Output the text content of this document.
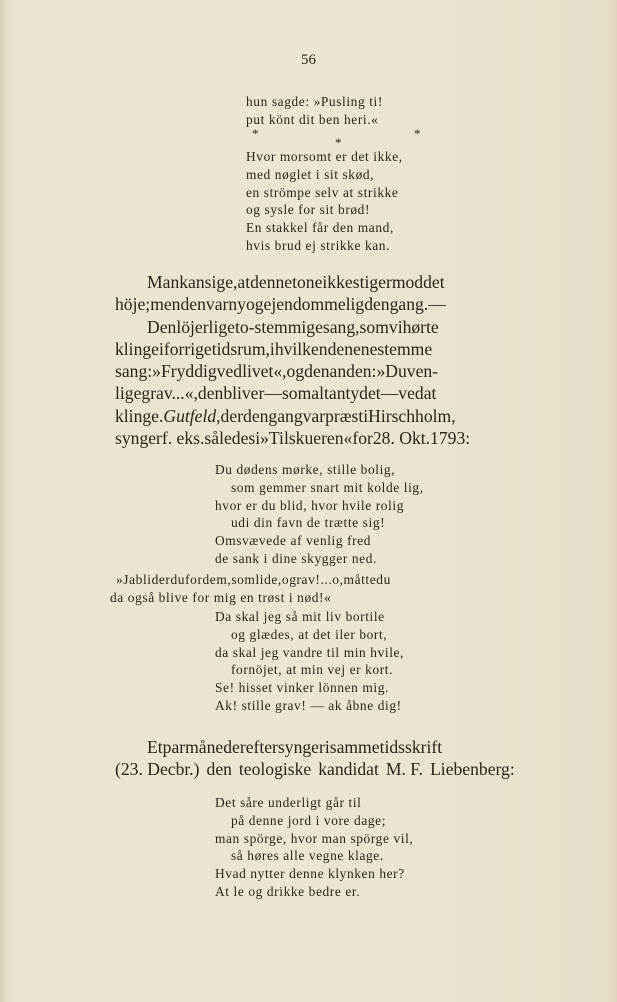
56
hun sagde: »Pusling ti!
put könt dit ben heri.«
*
*
*
Hvor morsomt er det ikke,
med nøglet i sit skød,
en strömpe selv at strikke
og sysle for sit brød!
En stakkel får den mand,
hvis brud ej strikke kan.
Mankansige,atdennetoneikkestigermoddet
höje;mendenvarnyogejendommeligdengang.—
Denlöjerligeto-stemmigesang,somvihørte
klingeiforrigetidsrum,ihvilkendenenestemme
sang:»Fryddigvedlivet«,ogdenanden:»Duven-
ligegrav...«,denbliver—somaltantydet—vedat
klinge.Gutfeld,derdengangvarpræstiHirschholm,
syngerf. eks.såledesi»Tilskueren«for28. Okt.1793:
Du dødens mørke, stille bolig,
som gemmer snart mit kolde lig,
hvor er du blid, hvor hvile rolig
udi din favn de trætte sig!
Omsvævede af venlig fred
de sank i dine skygger ned.
»Jabliderdufordem,somlide,ograv!...o,måttedu
da også blive for mig en trøst i nød!«
Da skal jeg så mit liv bortile
og glædes, at det iler bort,
da skal jeg vandre til min hvile,
fornöjet, at min vej er kort.
Se! hisset vinker lönnen mig.
Ak! stille grav! — ak åbne dig!
Etparmånedereftersyngerisammetidsskrift
(23. Decbr.) den teologiske kandidat M. F. Liebenberg:
Det såre underligt går til
på denne jord i vore dage;
man spörge, hvor man spörge vil,
så høres alle vegne klage.
Hvad nytter denne klynken her?
At le og drikke bedre er.
